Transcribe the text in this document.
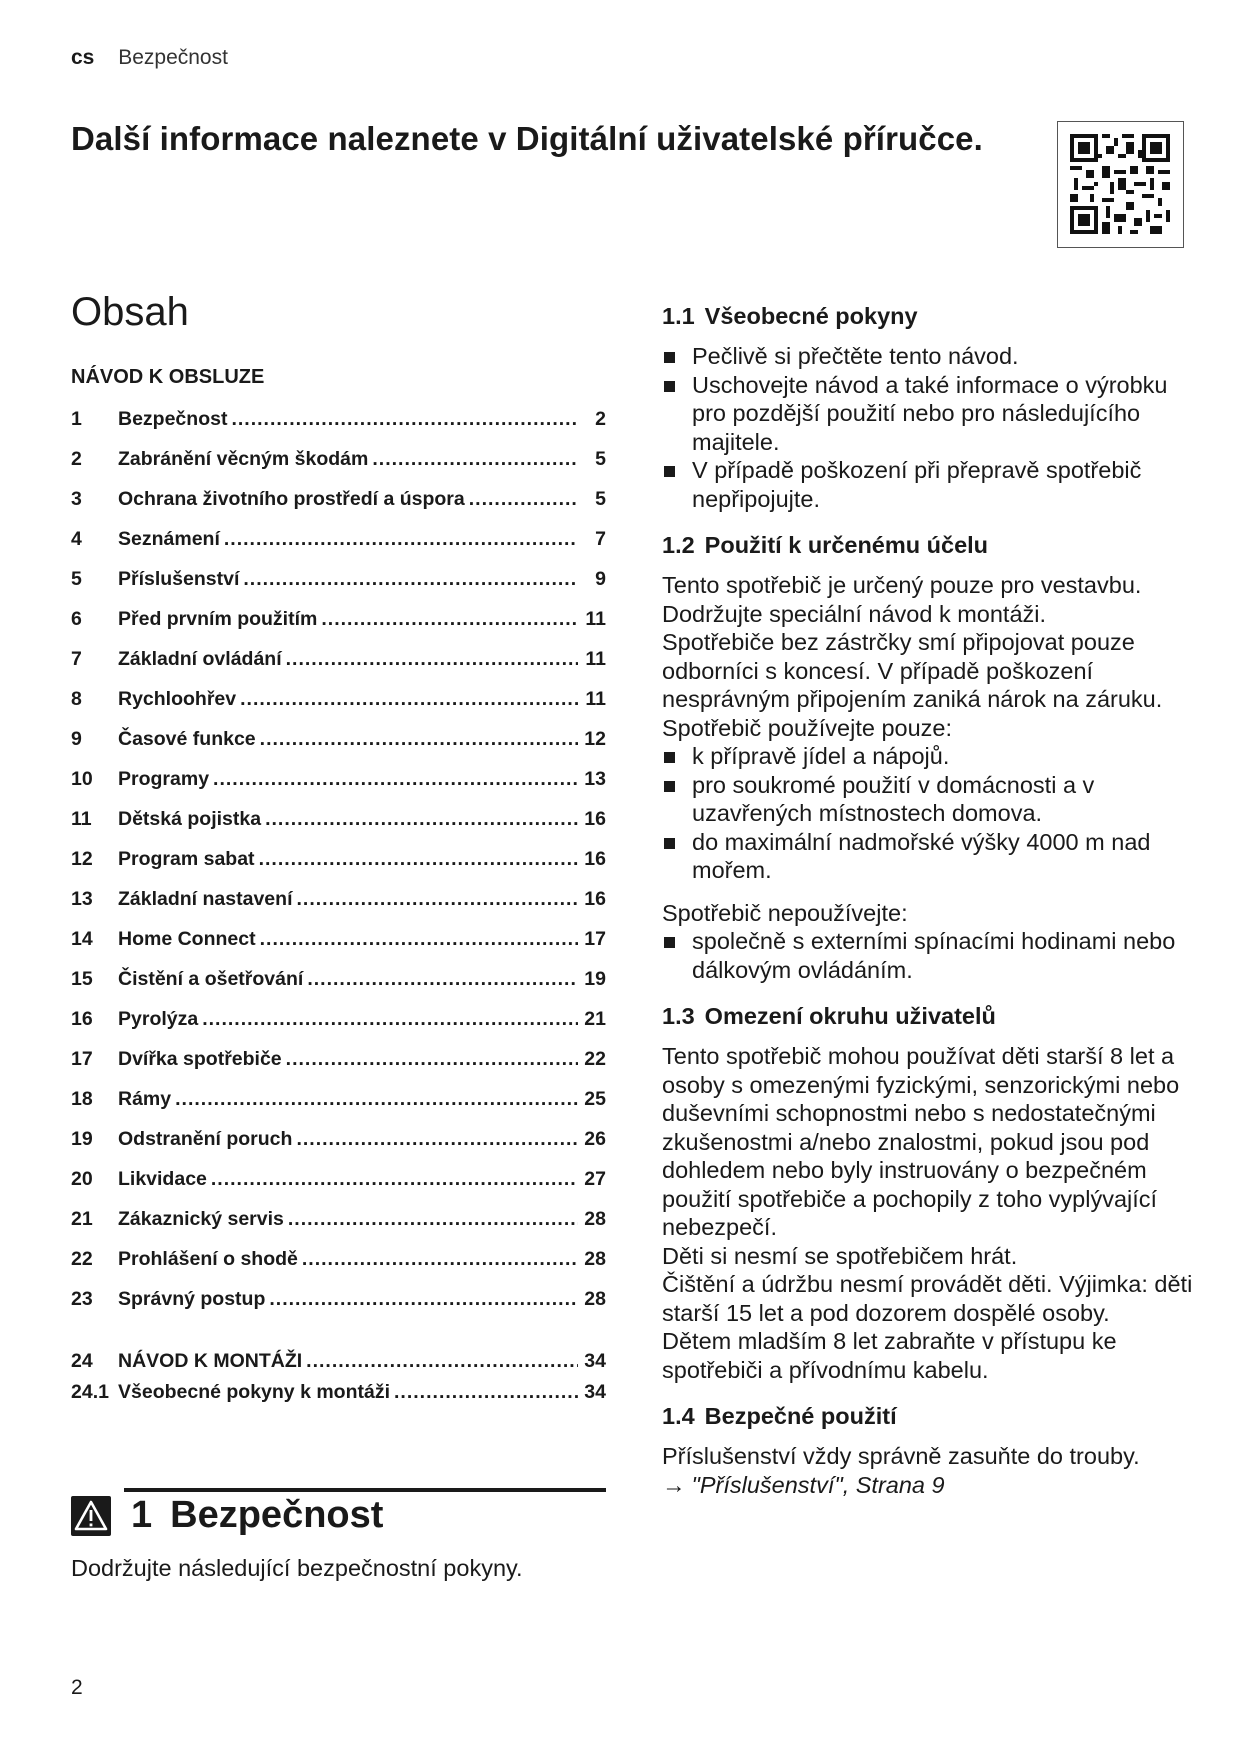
cs Bezpečnost
Další informace naleznete v Digitální uživatelské příručce.
Obsah
NÁVOD K OBSLUZE
1	Bezpečnost .....	2
2	Zabránění věcným škodám .....	5
3	Ochrana životního prostředí a úspora .....	5
4	Seznámení .....	7
5	Příslušenství .....	9
6	Před prvním použitím .....	11
7	Základní ovládání .....	11
8	Rychloohřev .....	11
9	Časové funkce .....	12
10	Programy .....	13
11	Dětská pojistka .....	16
12	Program sabat .....	16
13	Základní nastavení .....	16
14	Home Connect .....	17
15	Čistění a ošetřování .....	19
16	Pyrolýza .....	21
17	Dvířka spotřebiče .....	22
18	Rámy .....	25
19	Odstranění poruch .....	26
20	Likvidace .....	27
21	Zákaznický servis .....	28
22	Prohlášení o shodě .....	28
23	Správný postup .....	28
24	NÁVOD K MONTÁŽI .....	34
24.1 Všeobecné pokyny k montáži .....	34
1 Bezpečnost
Dodržujte následující bezpečnostní pokyny.
1.1 Všeobecné pokyny
Pečlivě si přečtěte tento návod.
Uschovejte návod a také informace o výrobku pro pozdější použití nebo pro následujícího majitele.
V případě poškození při přepravě spotřebič nepřipojujte.
1.2 Použití k určenému účelu

Tento spotřebič je určený pouze pro vestavbu. Dodržujte speciální návod k montáži.

Spotřebiče bez zástrčky smí připojovat pouze odborníci s koncesí. V případě poškození nesprávným připojením zaniká nárok na záruku.

Spotřebič používejte pouze:

k přípravě jídel a nápojů.
pro soukromé použití v domácnosti a v uzavřených místnostech domova.
do maximální nadmořské výšky 4000 m nad mořem.

Spotřebič nepoužívejte:

společně s externími spínacími hodinami nebo dálkovým ovládáním.
1.3 Omezení okruhu uživatelů

Tento spotřebič mohou používat děti starší 8 let a osoby s omezenými fyzickými, senzorickými nebo duševními schopnostmi nebo s nedostatečnými zkušenostmi a/nebo znalostmi, pokud jsou pod dohledem nebo byly instruovány o bezpečném použití spotřebiče a pochopily z toho vyplývající nebezpečí.

Děti si nesmí se spotřebičem hrát.

Čištění a údržbu nesmí provádět děti. Výjimka: děti starší 15 let a pod dozorem dospělé osoby.

Dětem mladším 8 let zabraňte v přístupu ke spotřebiči a přívodnímu kabelu.

1.4 Bezpečné použití

Příslušenství vždy správně zasuňte do trouby.

→ "Příslušenství", Strana 9
2
